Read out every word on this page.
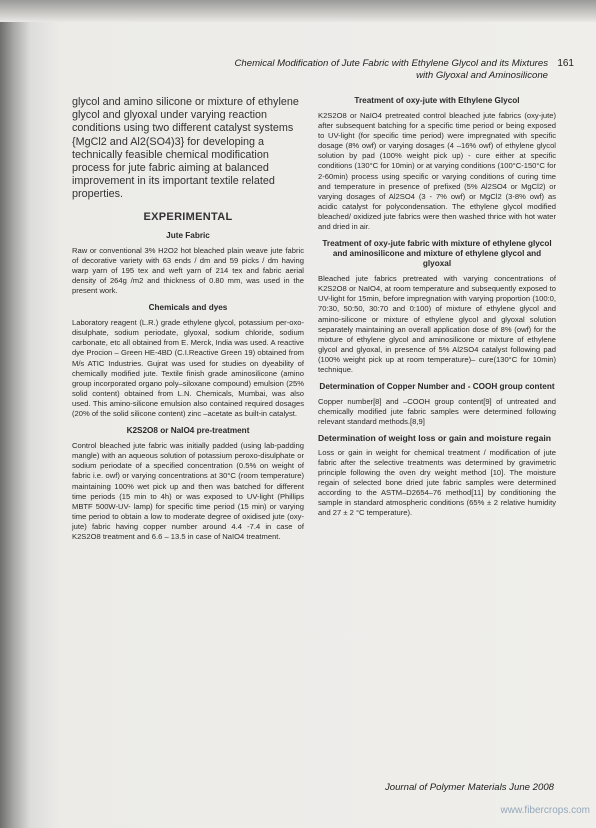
Chemical Modification of Jute Fabric with Ethylene Glycol and its Mixtures
with Glyoxal and Aminosilicone
161

glycol and amino silicone or mixture of ethylene glycol and glyoxal under varying reaction conditions using two different catalyst systems {MgCl2 and Al2(SO4)3} for developing a technically feasible chemical modification process for jute fabric aiming at balanced improvement in its important textile related properties.

EXPERIMENTAL
Jute Fabric

Raw or conventional 3% H2O2 hot bleached plain weave jute fabric of decorative variety with 63 ends / dm and 59 picks / dm having warp yarn of 195 tex and weft yarn of 214 tex and fabric aerial density of 264g /m2 and thickness of 0.80 mm, was used in the present work.

Chemicals and dyes

Laboratory reagent (L.R.) grade ethylene glycol, potassium per-oxo-disulphate, sodium periodate, glyoxal, sodium chloride, sodium carbonate, etc all obtained from E. Merck, India was used. A reactive dye Procion – Green HE-4BD (C.I.Reactive Green 19) obtained from M/s ATIC Industries. Gujrat was used for studies on dyeability of chemically modified jute. Textile finish grade aminosilicone (amino group incorporated organo poly–siloxane compound) emulsion (25% solid content) obtained from L.N. Chemicals, Mumbai, was also used. This amino-silicone emulsion also contained required dosages (20% of the solid silicone content) zinc –acetate as built-in catalyst.

K2S2O8 or NaIO4 pre-treatment

Control bleached jute fabric was initially padded (using lab-padding mangle) with an aqueous solution of potassium peroxo-disulphate or sodium periodate of a specified concentration (0.5% on weight of fabric i.e. owf) or varying concentrations at 30°C (room temperature) maintaining 100% wet pick up and then was batched for different time periods (15 min to 4h) or was exposed to UV-light (Phillips MBTF 500W-UV- lamp) for specific time period (15 min) or varying time period to obtain a low to moderate degree of oxidised jute (oxy-jute) fabric having copper number around 4.4 -7.4 in case of K2S2O8 treatment and 6.6 – 13.5 in case of NaIO4 treatment.

Treatment of oxy-jute with Ethylene Glycol

K2S2O8 or NaIO4 pretreated control bleached jute fabrics (oxy-jute) after subsequent batching for a specific time period or being exposed to UV-light (for specific time period) were impregnated with specific dosage (8% owf) or varying dosages (4 –16% owf) of ethylene glycol solution by pad (100% weight pick up) - cure either at specific conditions (130°C for 10min) or at varying conditions (100°C-150°C for 2-60min) process using specific or varying conditions of curing time and temperature in presence of prefixed (5% Al2SO4 or MgCl2) or varying dosages of Al2SO4 (3 - 7% owf) or MgCl2 (3-8% owf) as acidic catalyst for polycondensation. The ethylene glycol modified bleached/ oxidized jute fabrics were then washed thrice with hot water and dried in air.

Treatment of oxy-jute fabric with mixture of ethylene glycol and aminosilicone and mixture of ethylene glycol and glyoxal

Bleached jute fabrics pretreated with varying concentrations of K2S2O8 or NaIO4, at room temperature and subsequently exposed to UV-light for 15min, before impregnation with varying proportion (100:0, 70:30, 50:50, 30:70 and 0:100) of mixture of ethylene glycol and amino-silicone or mixture of ethylene glycol and glyoxal solution separately maintaining an overall application dose of 8% (owf) for the mixture of ethylene glycol and aminosilicone or mixture of ethylene glycol and glyoxal, in presence of 5% Al2SO4 catalyst following pad (100% weight pick up at room temperature)– cure(130°C for 10min) technique.

Determination of Copper Number and - COOH group content

Copper number[8] and –COOH group content[9] of untreated and chemically modified jute fabric samples were determined following relevant standard methods.[8,9]

Determination of weight loss or gain and moisture regain

Loss or gain in weight for chemical treatment / modification of jute fabric after the selective treatments was determined by gravimetric principle following the oven dry weight method [10]. The moisture regain of selected bone dried jute fabric samples were determined according to the ASTM–D2654–76 method[11] by conditioning the sample in standard atmospheric conditions (65% ± 2 relative humidity and 27 ± 2 °C temperature).

Journal of Polymer Materials June 2008
www.fibercrops.com
